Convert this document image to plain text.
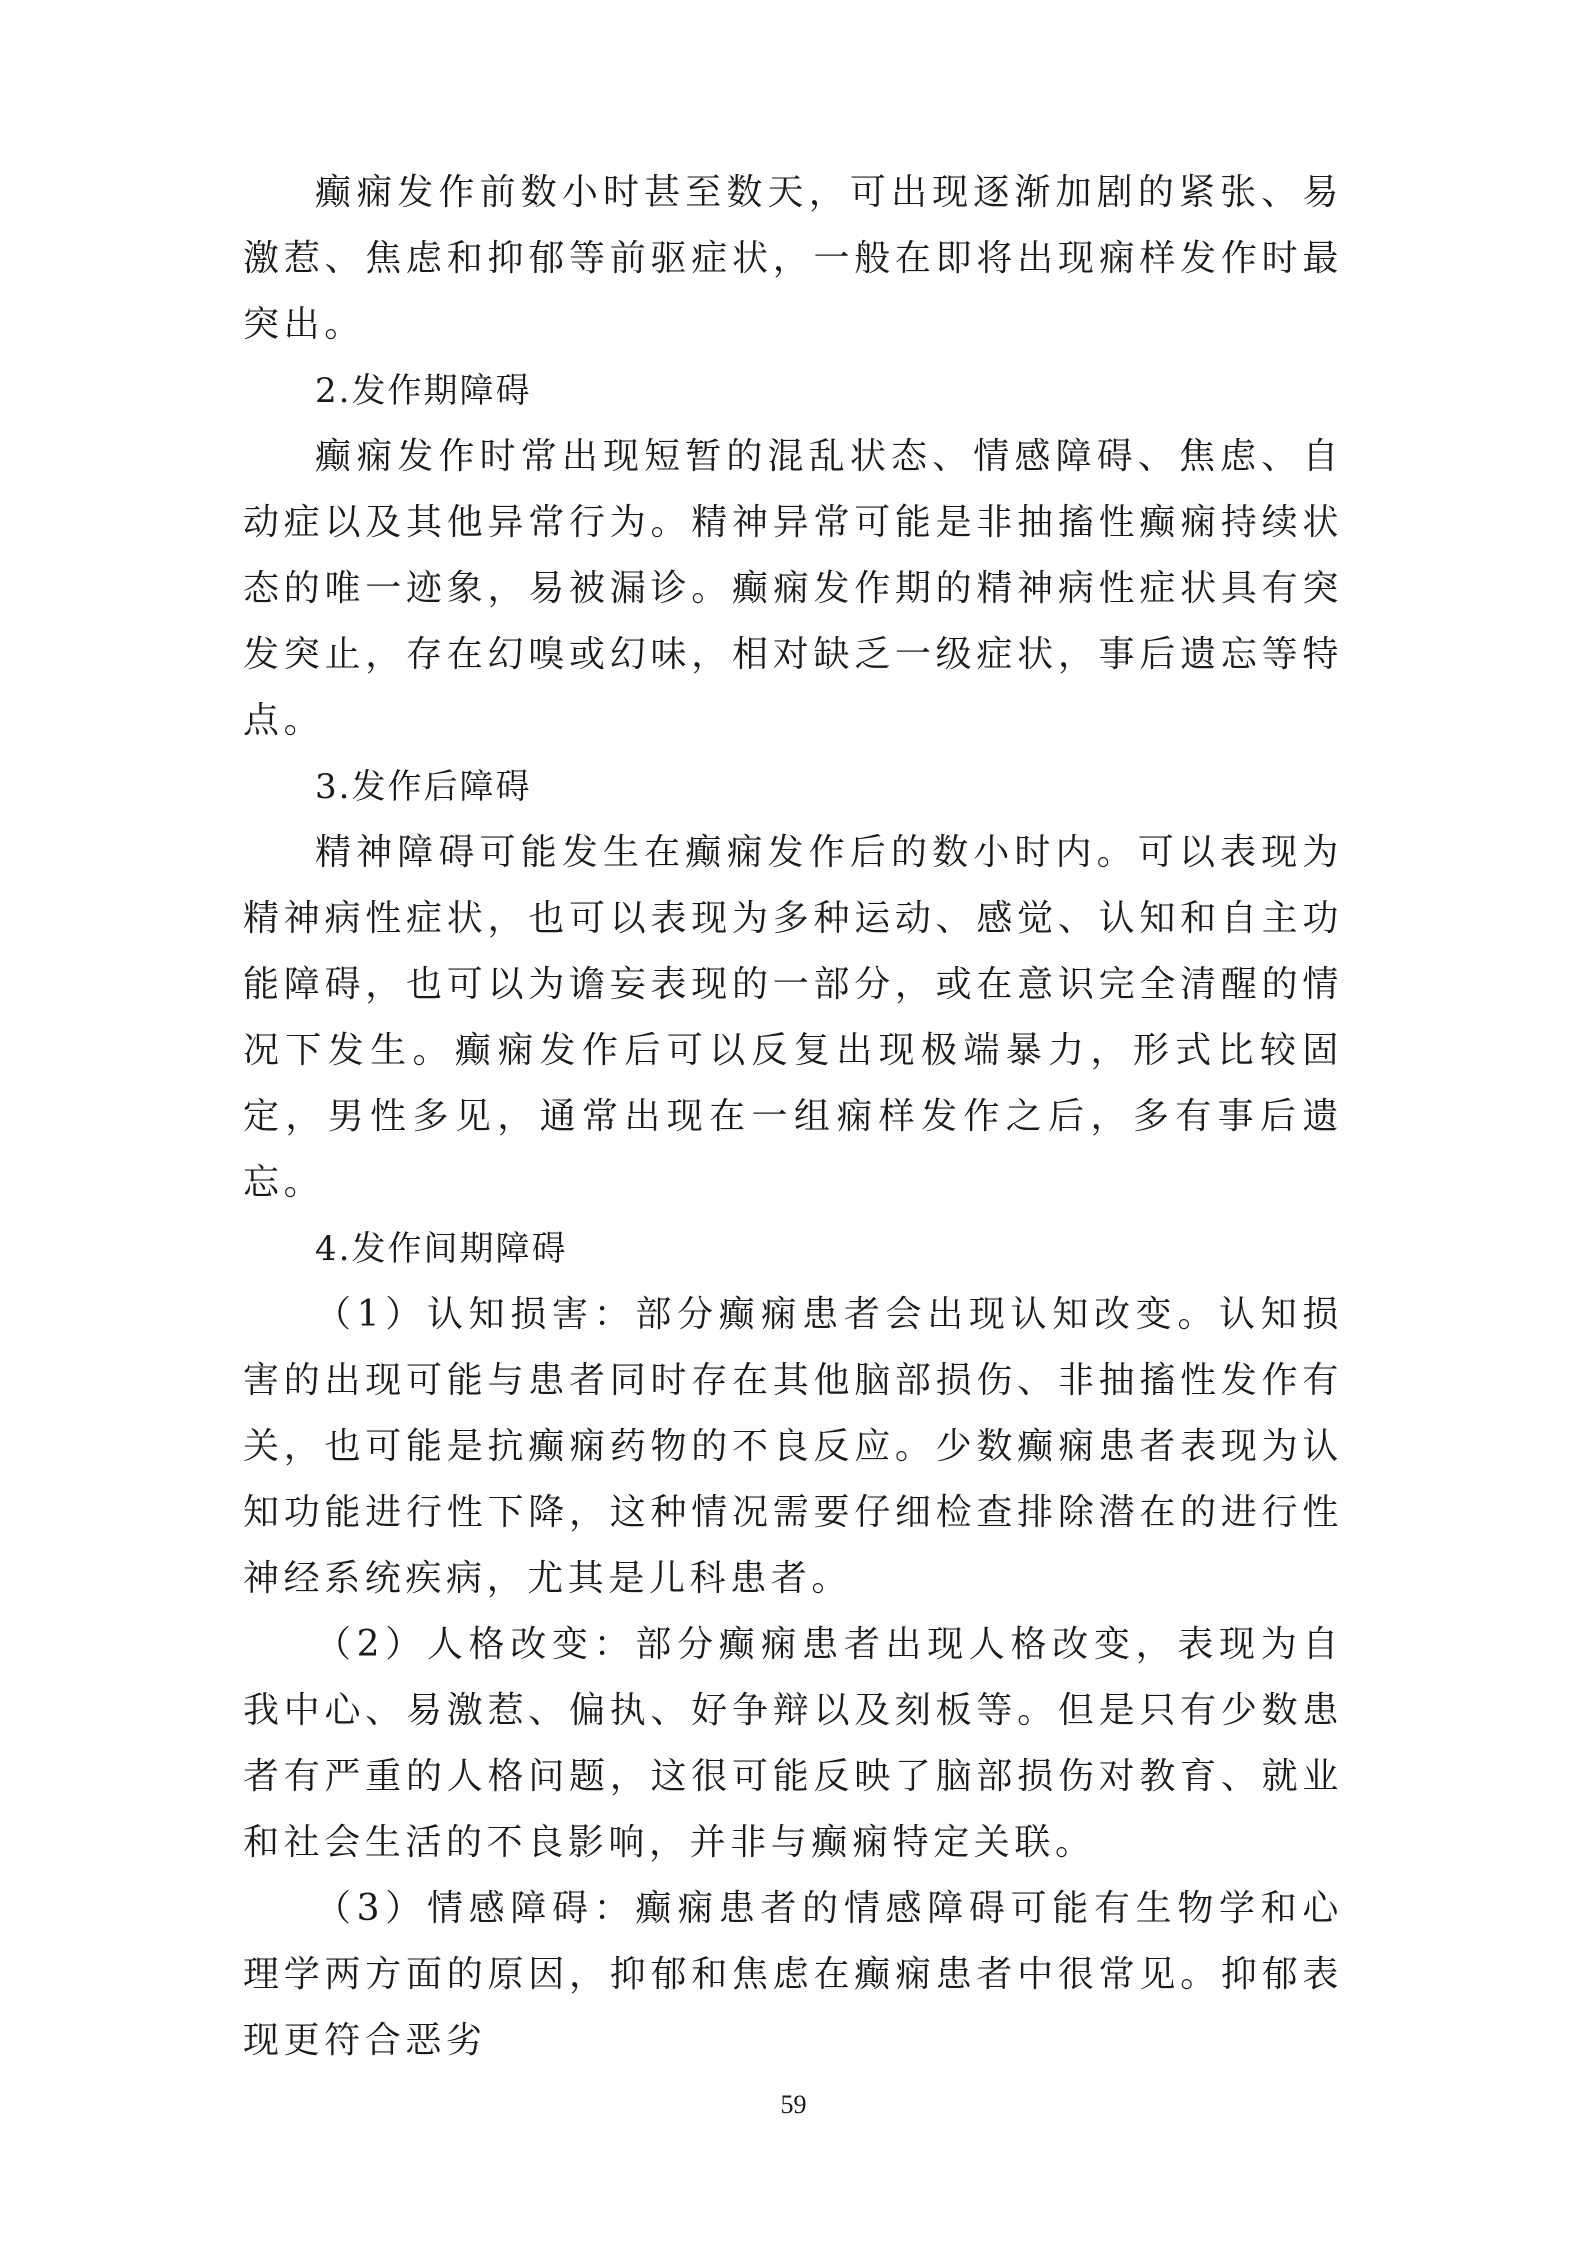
癫痫发作前数小时甚至数天，可出现逐渐加剧的紧张、易激惹、焦虑和抑郁等前驱症状，一般在即将出现痫样发作时最突出。

2.发作期障碍

癫痫发作时常出现短暂的混乱状态、情感障碍、焦虑、自动症以及其他异常行为。精神异常可能是非抽搐性癫痫持续状态的唯一迹象，易被漏诊。癫痫发作期的精神病性症状具有突发突止，存在幻嗅或幻味，相对缺乏一级症状，事后遗忘等特点。

3.发作后障碍

精神障碍可能发生在癫痫发作后的数小时内。可以表现为精神病性症状，也可以表现为多种运动、感觉、认知和自主功能障碍，也可以为谵妄表现的一部分，或在意识完全清醒的情况下发生。癫痫发作后可以反复出现极端暴力，形式比较固定，男性多见，通常出现在一组痫样发作之后，多有事后遗忘。

4.发作间期障碍

（1）认知损害：部分癫痫患者会出现认知改变。认知损害的出现可能与患者同时存在其他脑部损伤、非抽搐性发作有关，也可能是抗癫痫药物的不良反应。少数癫痫患者表现为认知功能进行性下降，这种情况需要仔细检查排除潜在的进行性神经系统疾病，尤其是儿科患者。

（2）人格改变：部分癫痫患者出现人格改变，表现为自我中心、易激惹、偏执、好争辩以及刻板等。但是只有少数患者有严重的人格问题，这很可能反映了脑部损伤对教育、就业和社会生活的不良影响，并非与癫痫特定关联。

（3）情感障碍：癫痫患者的情感障碍可能有生物学和心理学两方面的原因，抑郁和焦虑在癫痫患者中很常见。抑郁表现更符合恶劣

59
